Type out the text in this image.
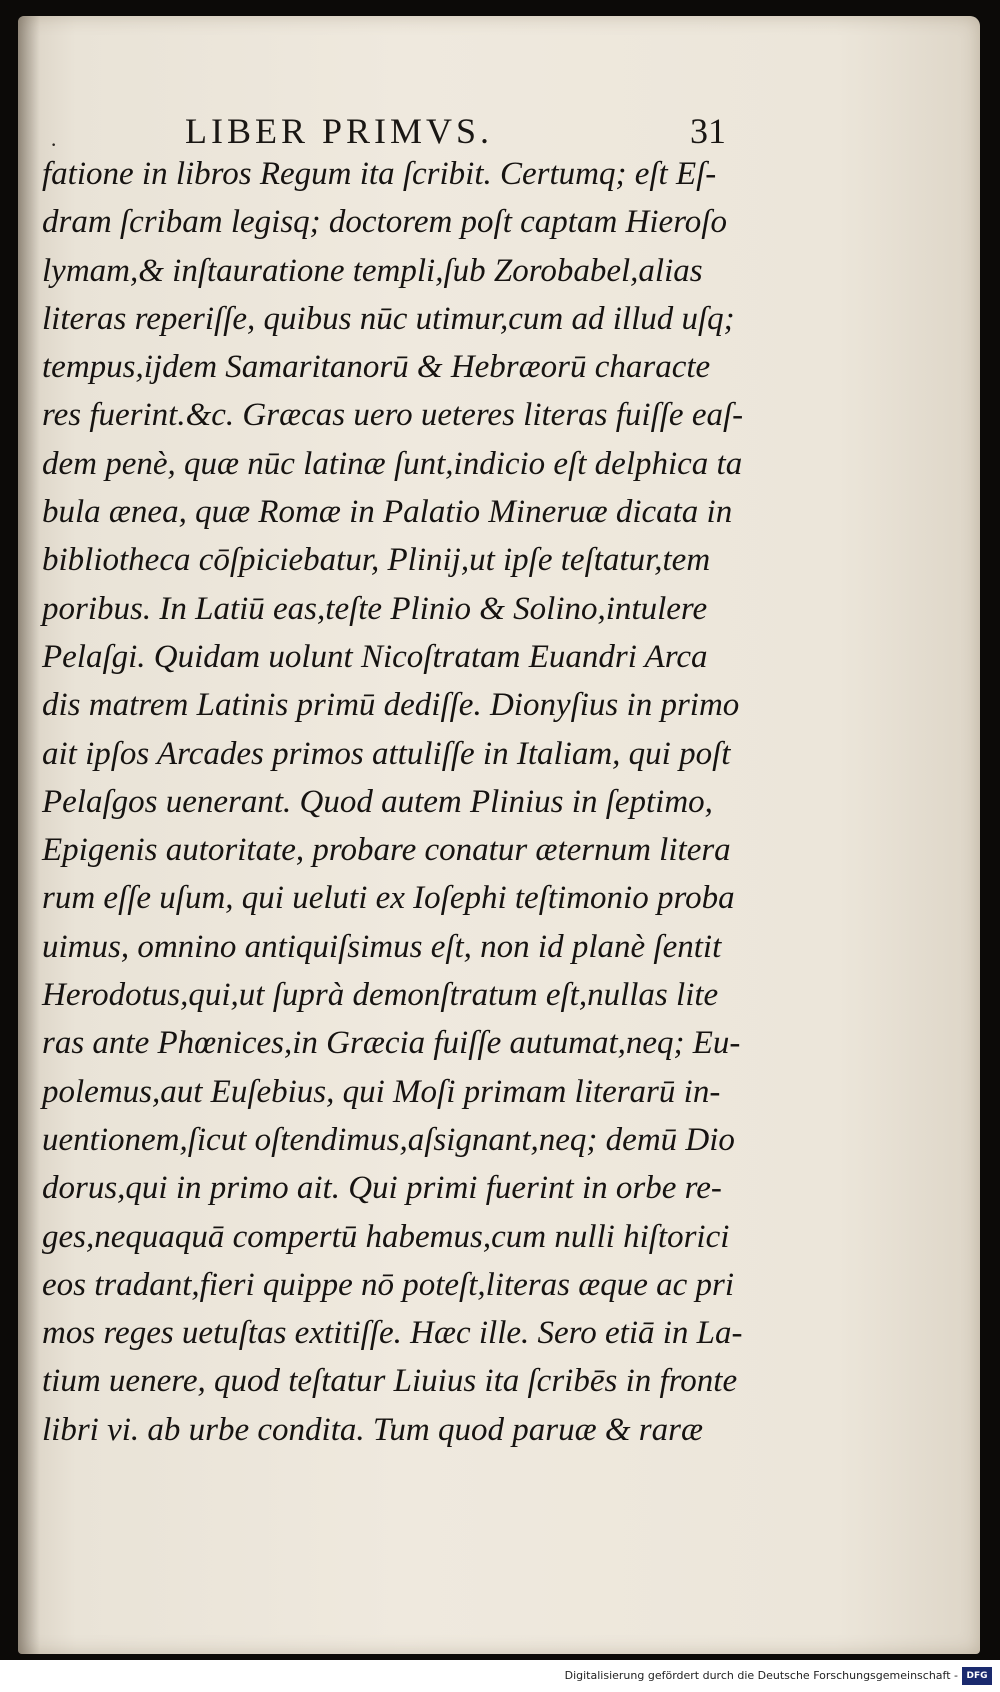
·	LIBER PRIMVS.	31
fatione in libros Regum ita ſcribit. Certumq; eſt Eſ-
dram ſcribam legisq; doctorem poſt captam Hieroſo
lymam,& inſtauratione templi,ſub Zorobabel,alias
literas reperiſſe, quibus nūc utimur,cum ad illud uſq;
tempus,ijdem Samaritanorū & Hebræorū characte
res fuerint.&c. Græcas uero ueteres literas fuiſſe eaſ-
dem penè, quæ nūc latinæ ſunt,indicio eſt delphica ta
bula ænea, quæ Romæ in Palatio Mineruæ dicata in
bibliotheca cōſpiciebatur, Plinij,ut ipſe teſtatur,tem
poribus. In Latiū eas,teſte Plinio & Solino,intulere
Pelaſgi. Quidam uolunt Nicoſtratam Euandri Arca
dis matrem Latinis primū dediſſe. Dionyſius in primo
ait ipſos Arcades primos attuliſſe in Italiam, qui poſt
Pelaſgos uenerant. Quod autem Plinius in ſeptimo,
Epigenis autoritate, probare conatur æternum litera
rum eſſe uſum, qui ueluti ex Ioſephi teſtimonio proba
uimus, omnino antiquiſsimus eſt, non id planè ſentit
Herodotus,qui,ut ſuprà demonſtratum eſt,nullas lite
ras ante Phœnices,in Græcia fuiſſe autumat,neq; Eu-
polemus,aut Euſebius, qui Moſi primam literarū in-
uentionem,ſicut oſtendimus,aſsignant,neq; demū Dio
dorus,qui in primo ait. Qui primi fuerint in orbe re-
ges,nequaquā compertū habemus,cum nulli hiſtorici
eos tradant,fieri quippe nō poteſt,literas æque ac pri
mos reges uetuſtas extitiſſe. Hæc ille. Sero etiā in La-
tium uenere, quod teſtatur Liuius ita ſcribēs in fronte
libri vi. ab urbe condita. Tum quod paruæ & raræ
Digitalisierung gefördert durch die Deutsche Forschungsgemeinschaft - DFG
